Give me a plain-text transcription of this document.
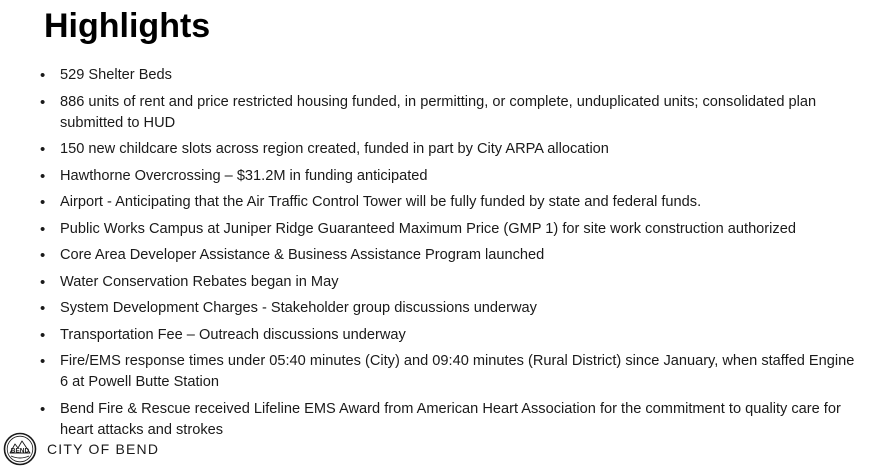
Highlights
•	529 Shelter Beds
•	886 units of rent and price restricted housing funded, in permitting, or complete, unduplicated units; consolidated plan submitted to HUD
•	150 new childcare slots across region created, funded in part by City ARPA allocation
•	Hawthorne Overcrossing – $31.2M in funding anticipated
•	Airport - Anticipating that the Air Traffic Control Tower will be fully funded by state and federal funds.
•	Public Works Campus at Juniper Ridge Guaranteed Maximum Price (GMP 1) for site work construction authorized
•	Core Area Developer Assistance & Business Assistance Program launched
•	Water Conservation Rebates began in May
•	System Development Charges - Stakeholder group discussions underway
•	Transportation Fee – Outreach discussions underway
•	Fire/EMS response times under 05:40 minutes (City) and 09:40 minutes (Rural District) since January, when staffed Engine 6 at Powell Butte Station
•	Bend Fire & Rescue received Lifeline EMS Award from American Heart Association for the commitment to quality care for heart attacks and strokes
BEND CITY OF BEND
